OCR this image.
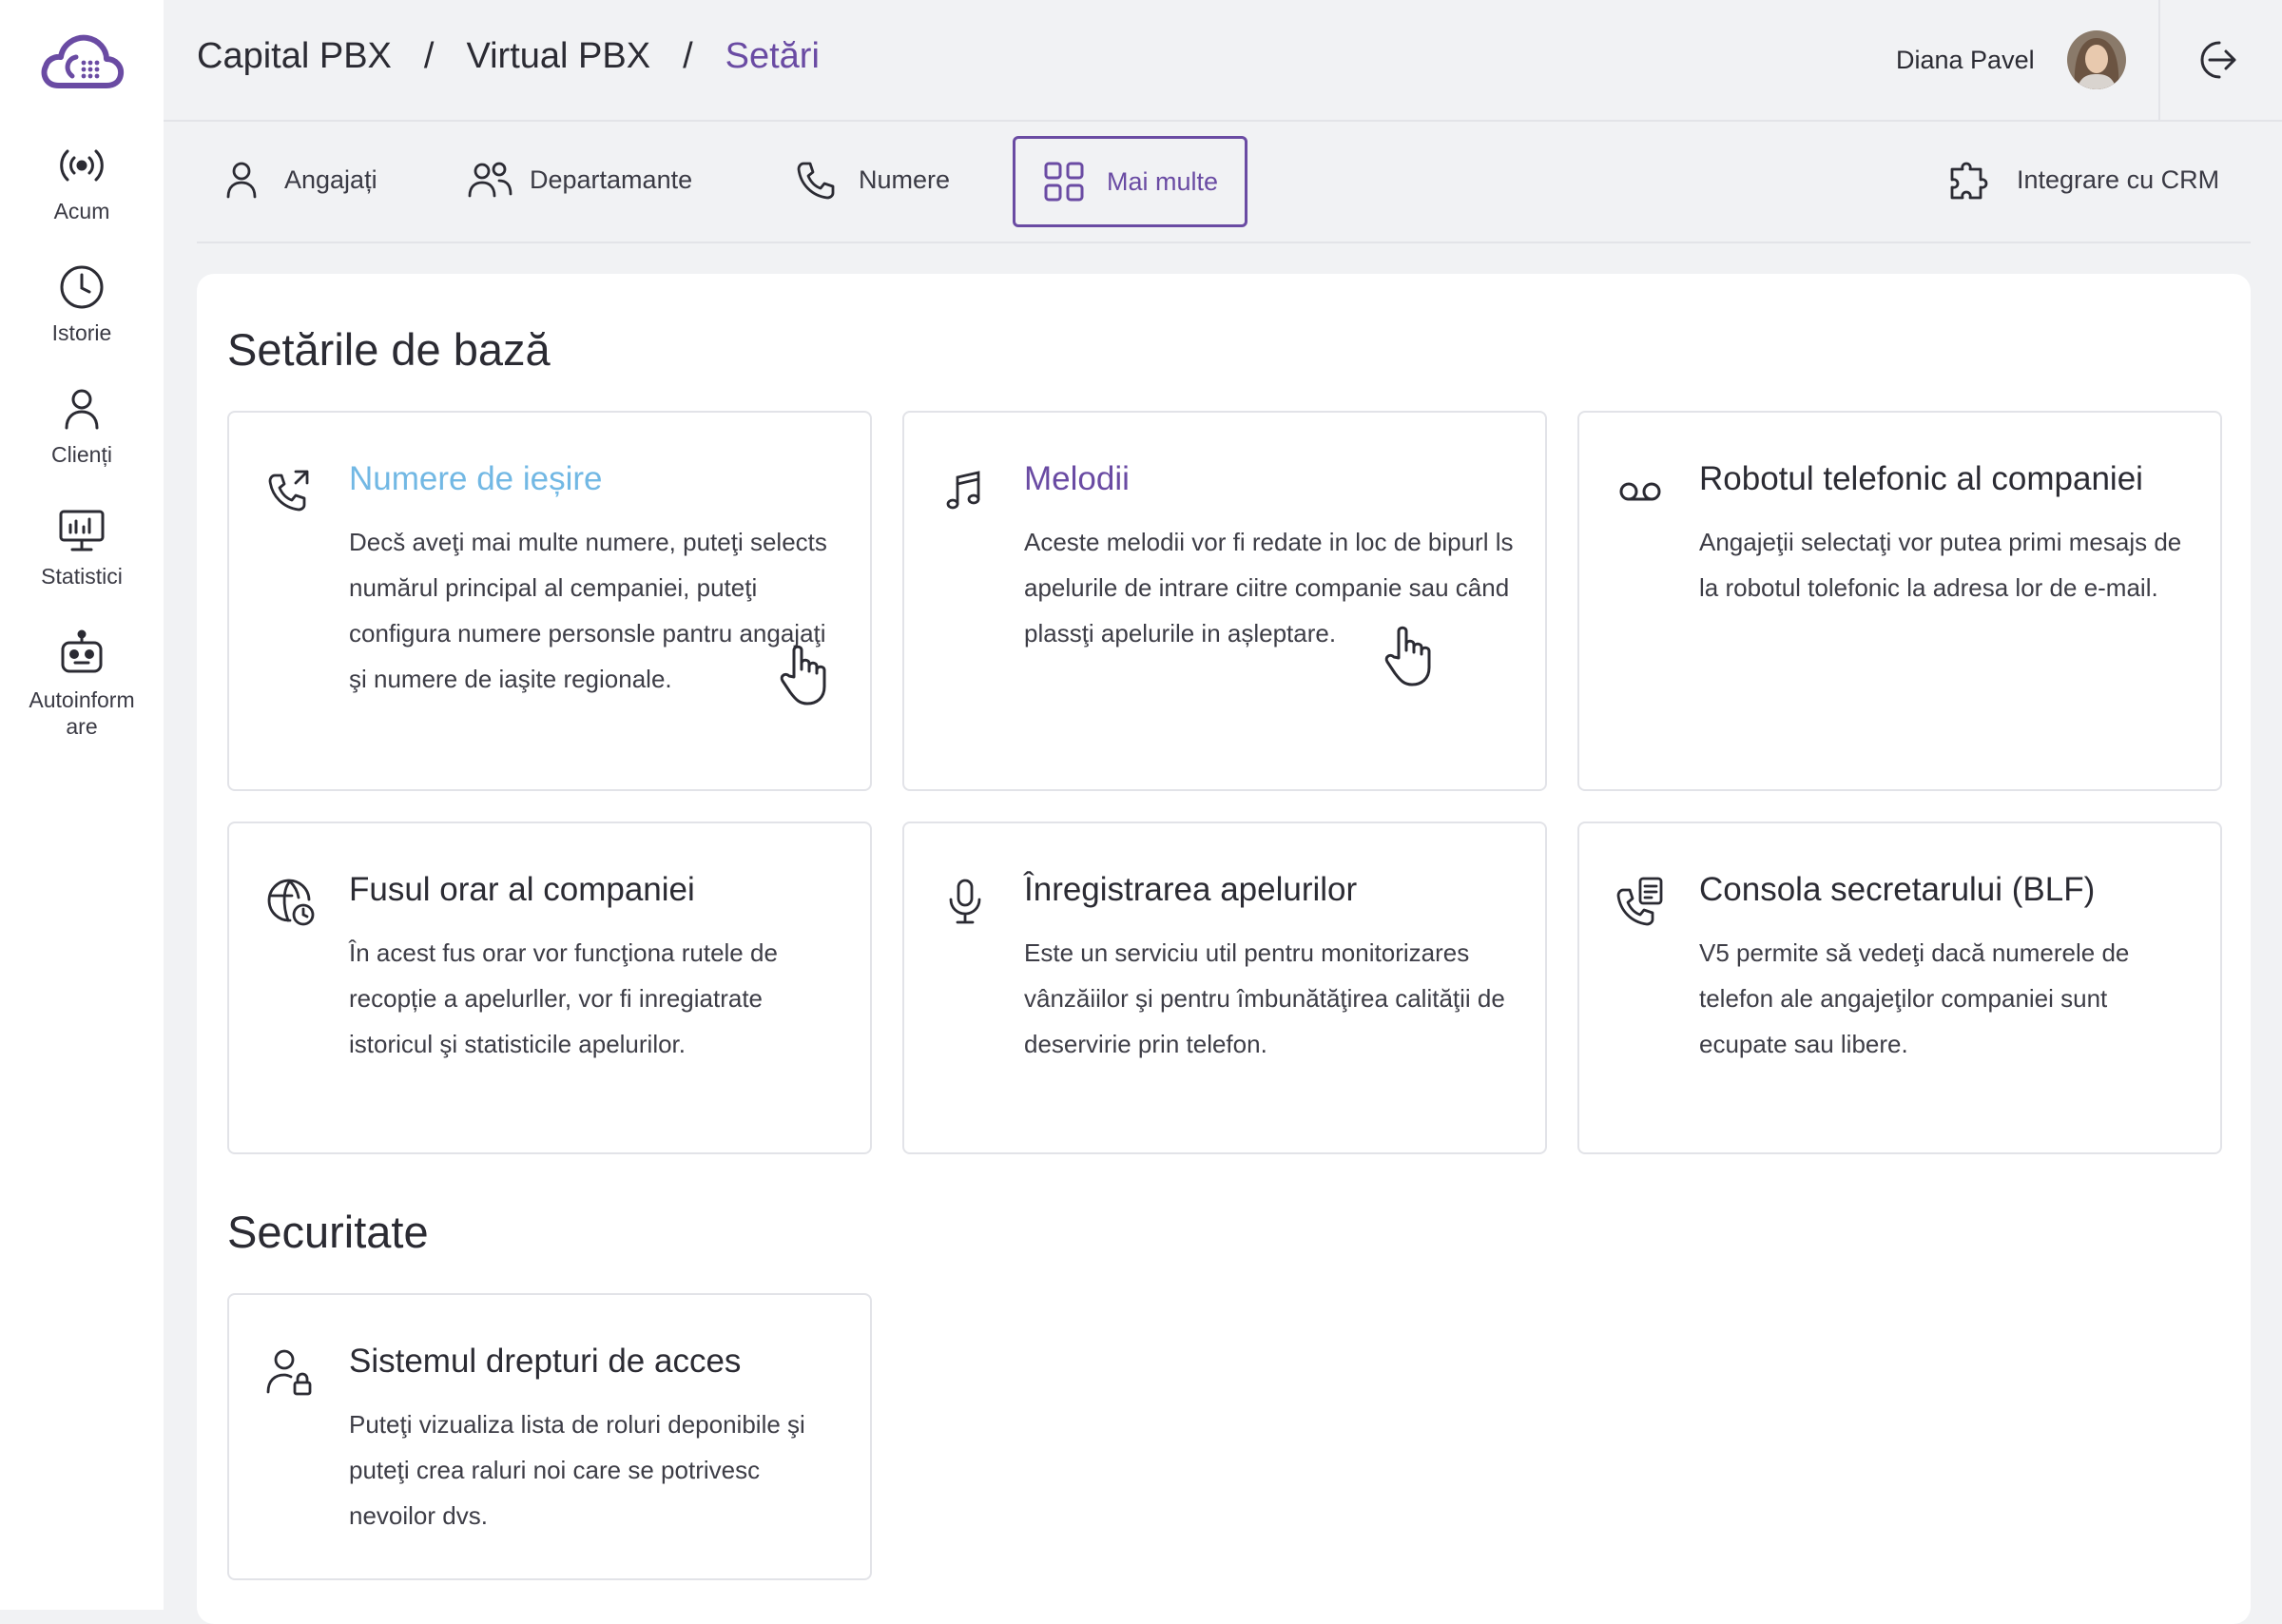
Acum
Istorie
Clienți
Statistici
Autoinform
are
Capital PBX / Virtual PBX / Setări	Diana Pavel
Angajați	Departamante	Numere	Mai multe	Integrare cu CRM
Setările de bază
Numere de ieșire
Decš aveţi mai multe numere, puteţi selects numărul principal al cempaniei, puteţi configura numere personsle pantru angajaţi şi numere de iaşite regionale.
Melodii
Aceste melodii vor fi redate in loc de bipurl ls apelurile de intrare ciitre companie sau când plassţi apelurile in așleptare.
Robotul telefonic al companiei
Angajeţii selectaţi vor putea primi mesajs de la robotul tolefonic la adresa lor de e-mail.
Fusul orar al companiei
În acest fus orar vor funcţiona rutele de recopție a apelurller, vor fi inregiatrate istoricul şi statisticile apelurilor.
Înregistrarea apelurilor
Este un serviciu util pentru monitorizares vânzăiilor şi pentru îmbunătăţirea calităţii de deservirie prin telefon.
Consola secretarului (BLF)
V5 permite sǎ vedeţi dacă numerele de telefon ale angajeţilor companiei sunt ecupate sau libere.
Securitate
Sistemul drepturi de acces
Puteţi vizualiza lista de roluri deponibile şi puteţi crea raluri noi care se potrivesc nevoilor dvs.
